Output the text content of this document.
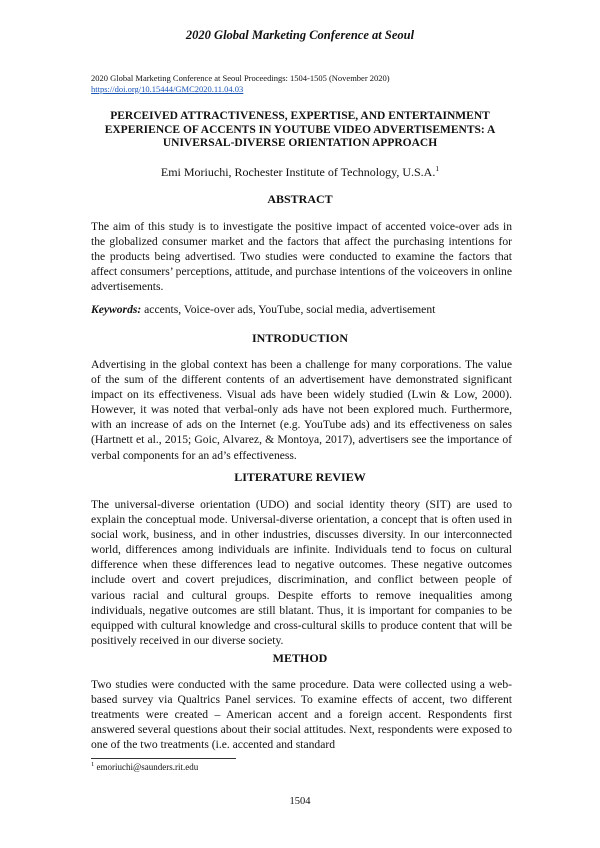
2020 Global Marketing Conference at Seoul
2020 Global Marketing Conference at Seoul Proceedings: 1504-1505 (November 2020)
https://doi.org/10.15444/GMC2020.11.04.03
PERCEIVED ATTRACTIVENESS, EXPERTISE, AND ENTERTAINMENT
EXPERIENCE OF ACCENTS IN YOUTUBE VIDEO ADVERTISEMENTS: A
UNIVERSAL-DIVERSE ORIENTATION APPROACH
Emi Moriuchi, Rochester Institute of Technology, U.S.A.$^1$
ABSTRACT

The aim of this study is to investigate the positive impact of accented voice-over ads in the globalized consumer market and the factors that affect the purchasing intentions for the products being advertised. Two studies were conducted to examine the factors that affect consumers’ perceptions, attitude, and purchase intentions of the voiceovers in online advertisements.

Keywords: accents, Voice-over ads, YouTube, social media, advertisement
INTRODUCTION

Advertising in the global context has been a challenge for many corporations. The value of the sum of the different contents of an advertisement have demonstrated significant impact on its effectiveness. Visual ads have been widely studied (Lwin & Low, 2000). However, it was noted that verbal-only ads have not been explored much. Furthermore, with an increase of ads on the Internet (e.g. YouTube ads) and its effectiveness on sales (Hartnett et al., 2015; Goic, Alvarez, & Montoya, 2017), advertisers see the importance of verbal components for an ad’s effectiveness.

LITERATURE REVIEW

The universal-diverse orientation (UDO) and social identity theory (SIT) are used to explain the conceptual mode. Universal-diverse orientation, a concept that is often used in social work, business, and in other industries, discusses diversity. In our interconnected world, differences among individuals are infinite. Individuals tend to focus on cultural difference when these differences lead to negative outcomes. These negative outcomes include overt and covert prejudices, discrimination, and conflict between people of various racial and cultural groups. Despite efforts to remove inequalities among individuals, negative outcomes are still blatant. Thus, it is important for companies to be equipped with cultural knowledge and cross-cultural skills to produce content that will be positively received in our diverse society.

METHOD

Two studies were conducted with the same procedure. Data were collected using a web-based survey via Qualtrics Panel services. To examine effects of accent, two different treatments were created – American accent and a foreign accent. Respondents first answered several questions about their social attitudes. Next, respondents were exposed to one of the two treatments (i.e. accented and standard

$^1$ emoriuchi@saunders.rit.edu
1504
